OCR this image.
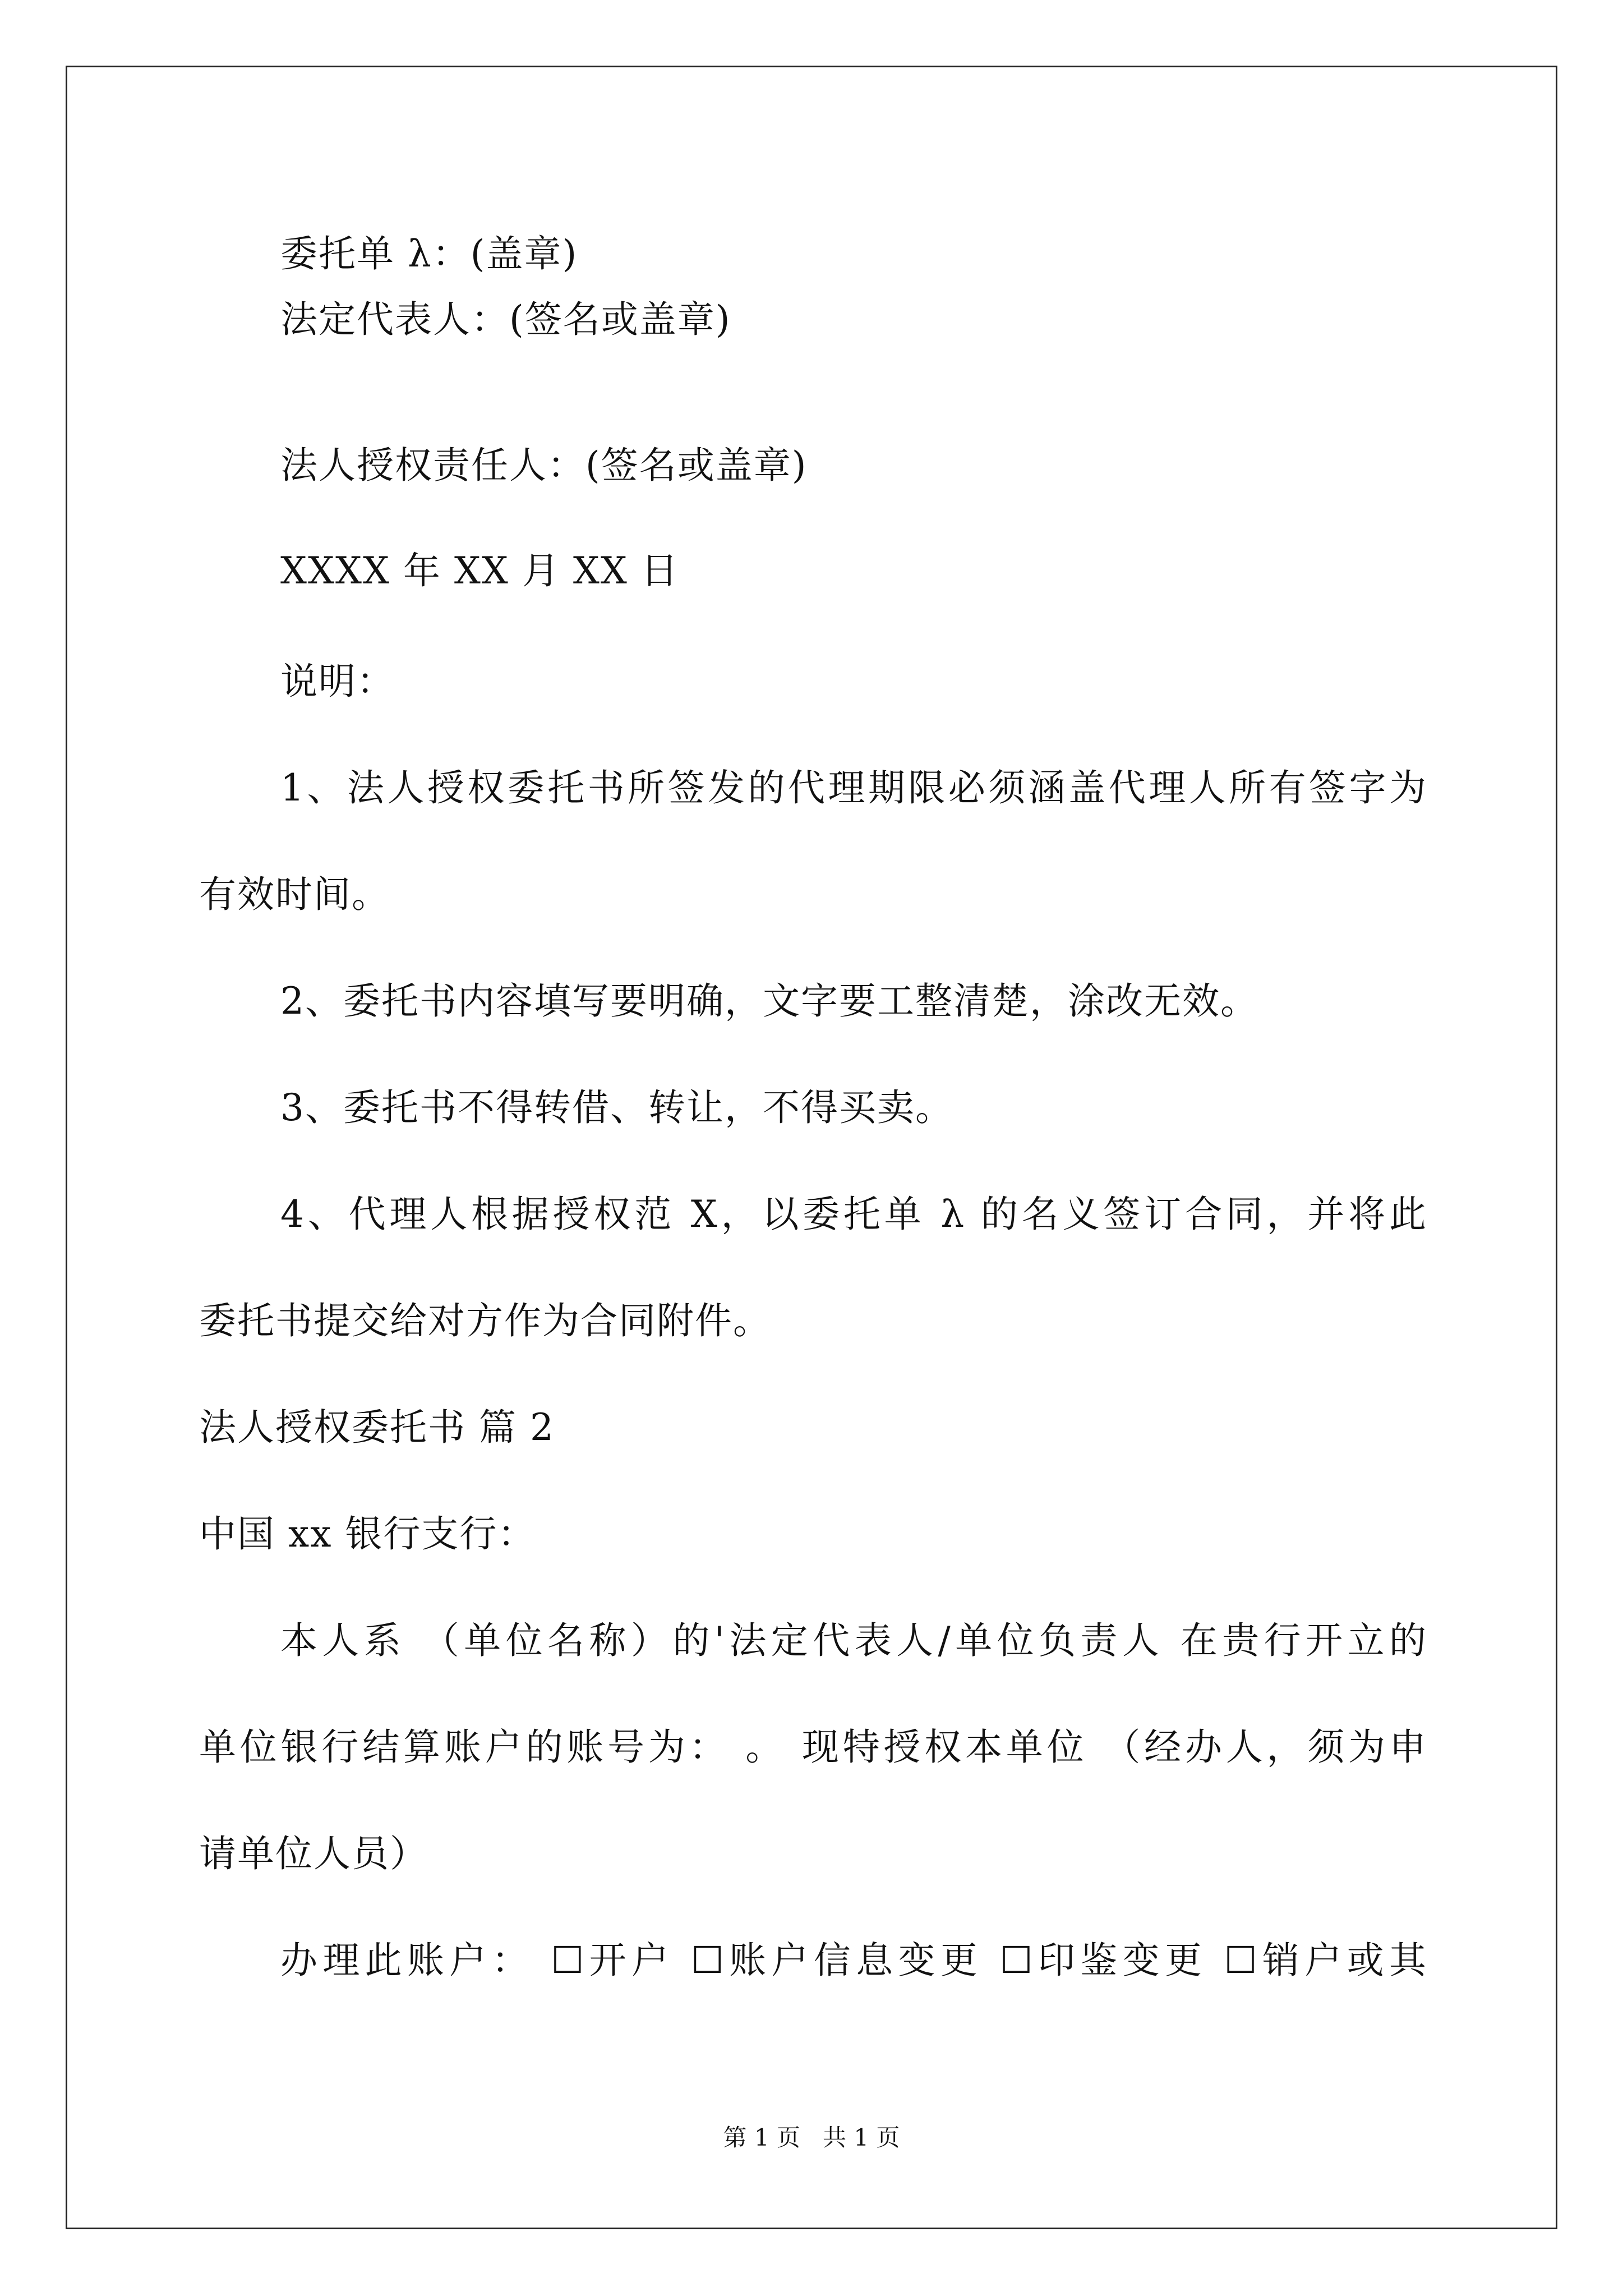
委托单 λ：(盖章)
法定代表人：(签名或盖章)
法人授权责任人：(签名或盖章)
XXXX 年 XX 月 XX 日
说明：
1、法人授权委托书所签发的代理期限必须涵盖代理人所有签字为
有效时间。
2、委托书内容填写要明确，文字要工整清楚，涂改无效。
3、委托书不得转借、转让，不得买卖。
4、代理人根据授权范 X，以委托单 λ 的名义签订合同，并将此
委托书提交给对方作为合同附件。
法人授权委托书 篇 2
中国 xx 银行支行：
本人系 （单位名称）的'法定代表人/单位负责人 在贵行开立的
单位银行结算账户的账号为： 。 现特授权本单位 （经办人，须为申
请单位人员）
办理此账户： ☐开户 ☐账户信息变更 ☐印鉴变更 ☐销户或其
第 1 页   共 1 页
